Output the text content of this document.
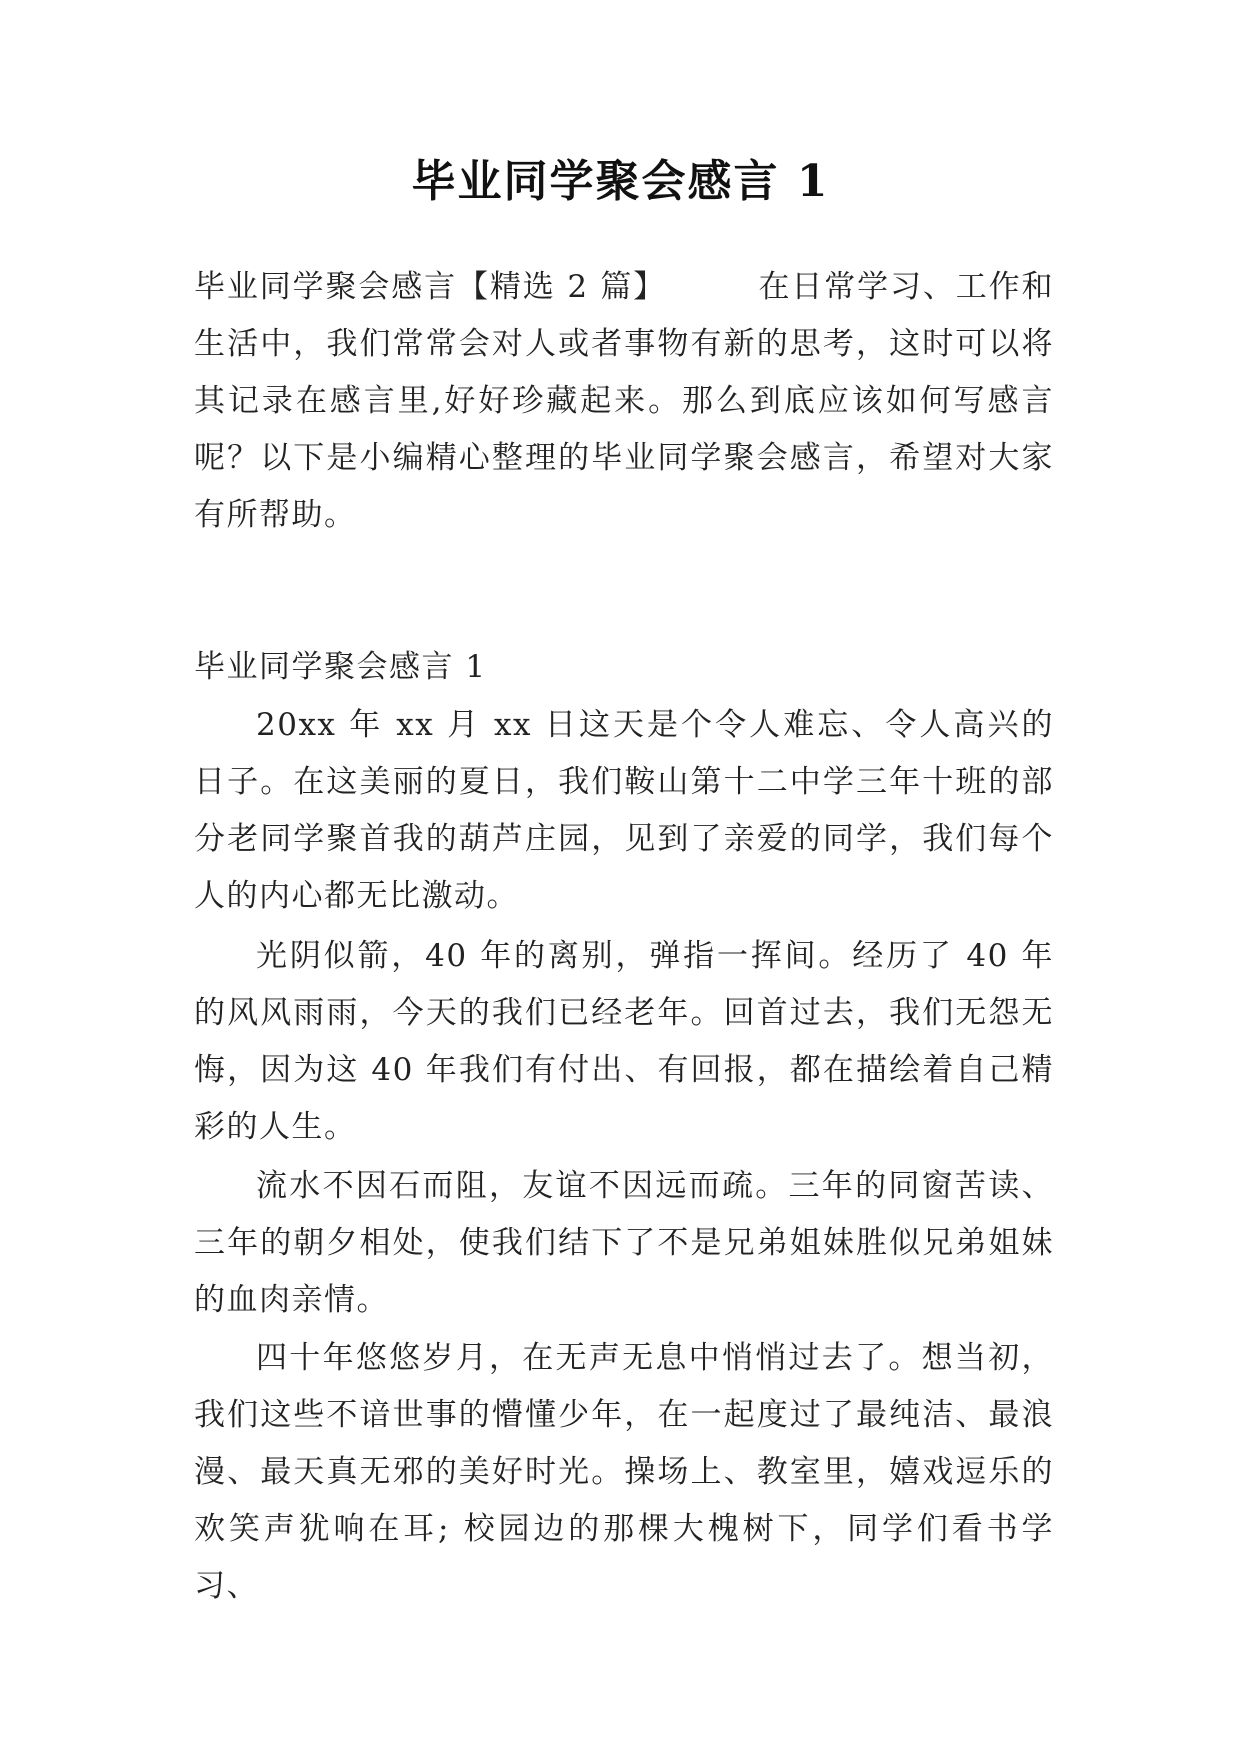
毕业同学聚会感言 1

毕业同学聚会感言【精选 2 篇】	在日常学习、工作和生活中，我们常常会对人或者事物有新的思考，这时可以将其记录在感言里,好好珍藏起来。那么到底应该如何写感言呢？以下是小编精心整理的毕业同学聚会感言，希望对大家有所帮助。

毕业同学聚会感言 1

20xx 年 xx 月 xx 日这天是个令人难忘、令人高兴的日子。在这美丽的夏日，我们鞍山第十二中学三年十班的部分老同学聚首我的葫芦庄园，见到了亲爱的同学，我们每个人的内心都无比激动。

光阴似箭，40 年的离别，弹指一挥间。经历了 40 年的风风雨雨，今天的我们已经老年。回首过去，我们无怨无悔，因为这 40 年我们有付出、有回报，都在描绘着自己精彩的人生。

流水不因石而阻，友谊不因远而疏。三年的同窗苦读、三年的朝夕相处，使我们结下了不是兄弟姐妹胜似兄弟姐妹的血肉亲情。

四十年悠悠岁月，在无声无息中悄悄过去了。想当初，我们这些不谙世事的懵懂少年，在一起度过了最纯洁、最浪漫、最天真无邪的美好时光。操场上、教室里，嬉戏逗乐的欢笑声犹响在耳; 校园边的那棵大槐树下，同学们看书学习、
